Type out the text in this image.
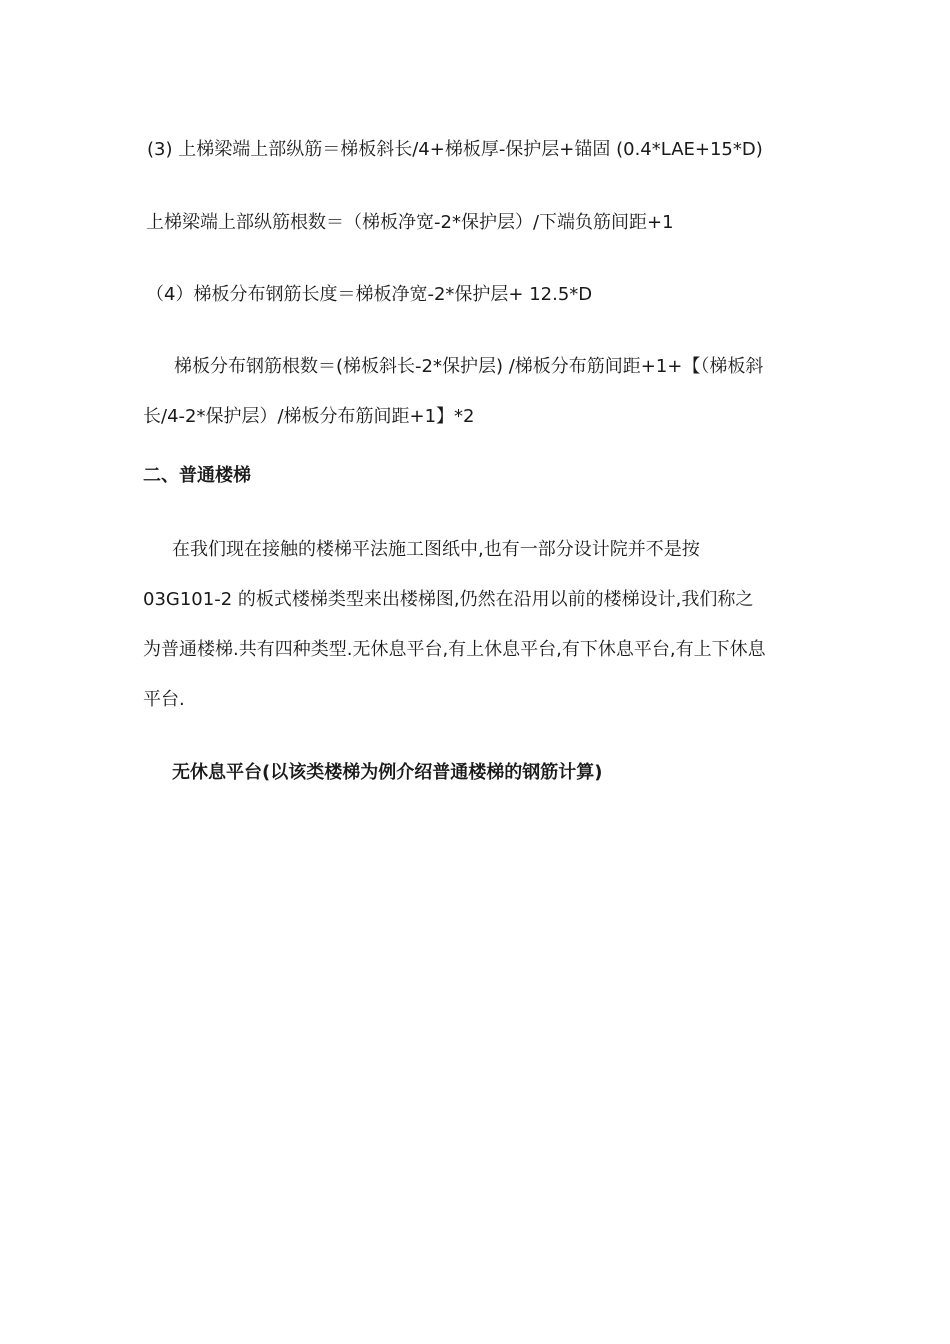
(3) 上梯梁端上部纵筋＝梯板斜长/4+梯板厚-保护层+锚固 (0.4*LAE+15*D)
上梯梁端上部纵筋根数＝（梯板净宽-2*保护层）/下端负筋间距+1
（4）梯板分布钢筋长度＝梯板净宽-2*保护层+ 12.5*D
梯板分布钢筋根数＝(梯板斜长-2*保护层) /梯板分布筋间距+1+【（梯板斜
长/4-2*保护层）/梯板分布筋间距+1】*2
二、普通楼梯
在我们现在接触的楼梯平法施工图纸中,也有一部分设计院并不是按
03G101-2 的板式楼梯类型来出楼梯图,仍然在沿用以前的楼梯设计,我们称之
为普通楼梯.共有四种类型.无休息平台,有上休息平台,有下休息平台,有上下休息
平台.
无休息平台(以该类楼梯为例介绍普通楼梯的钢筋计算)
